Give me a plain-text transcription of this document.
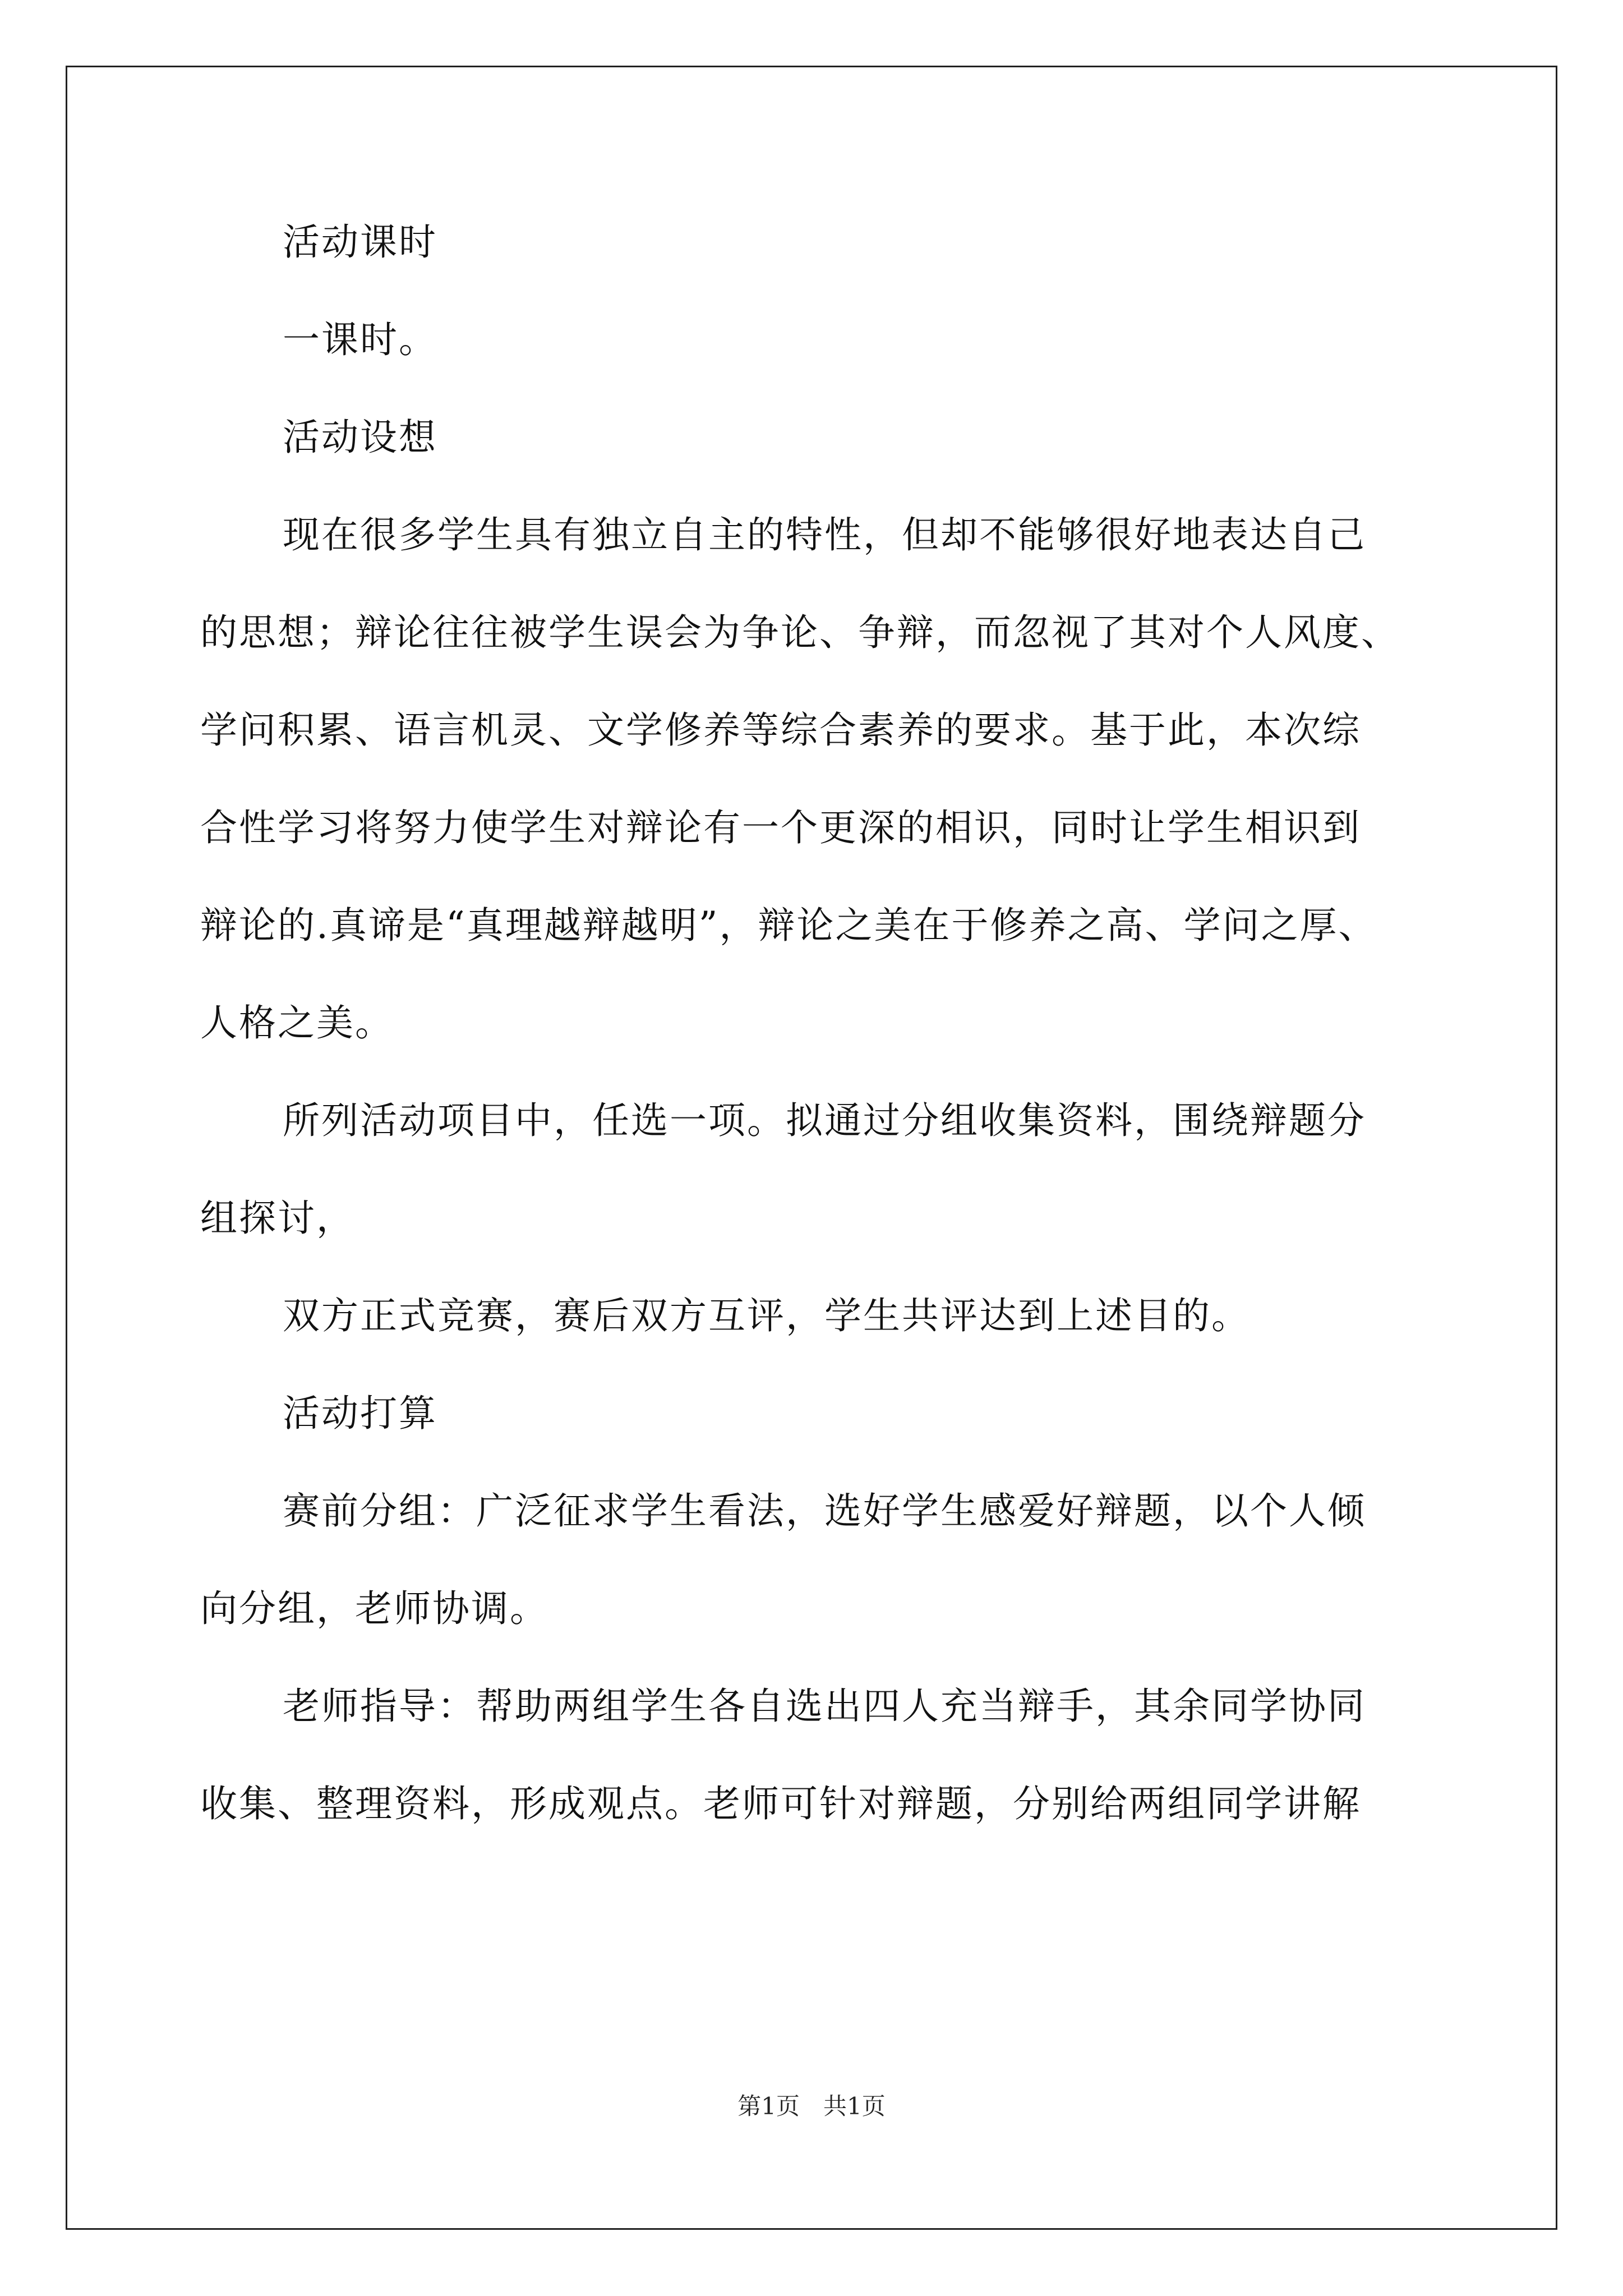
活动课时
一课时。
活动设想
现在很多学生具有独立自主的特性，但却不能够很好地表达自己
的思想；辩论往往被学生误会为争论、争辩，而忽视了其对个人风度、
学问积累、语言机灵、文学修养等综合素养的要求。基于此，本次综
合性学习将努力使学生对辩论有一个更深的相识，同时让学生相识到
辩论的.真谛是“真理越辩越明”，辩论之美在于修养之高、学问之厚、
人格之美。
所列活动项目中，任选一项。拟通过分组收集资料，围绕辩题分
组探讨，
双方正式竞赛，赛后双方互评，学生共评达到上述目的。
活动打算
赛前分组：广泛征求学生看法，选好学生感爱好辩题，以个人倾
向分组，老师协调。
老师指导：帮助两组学生各自选出四人充当辩手，其余同学协同
收集、整理资料，形成观点。老师可针对辩题，分别给两组同学讲解
第1页　共1页
